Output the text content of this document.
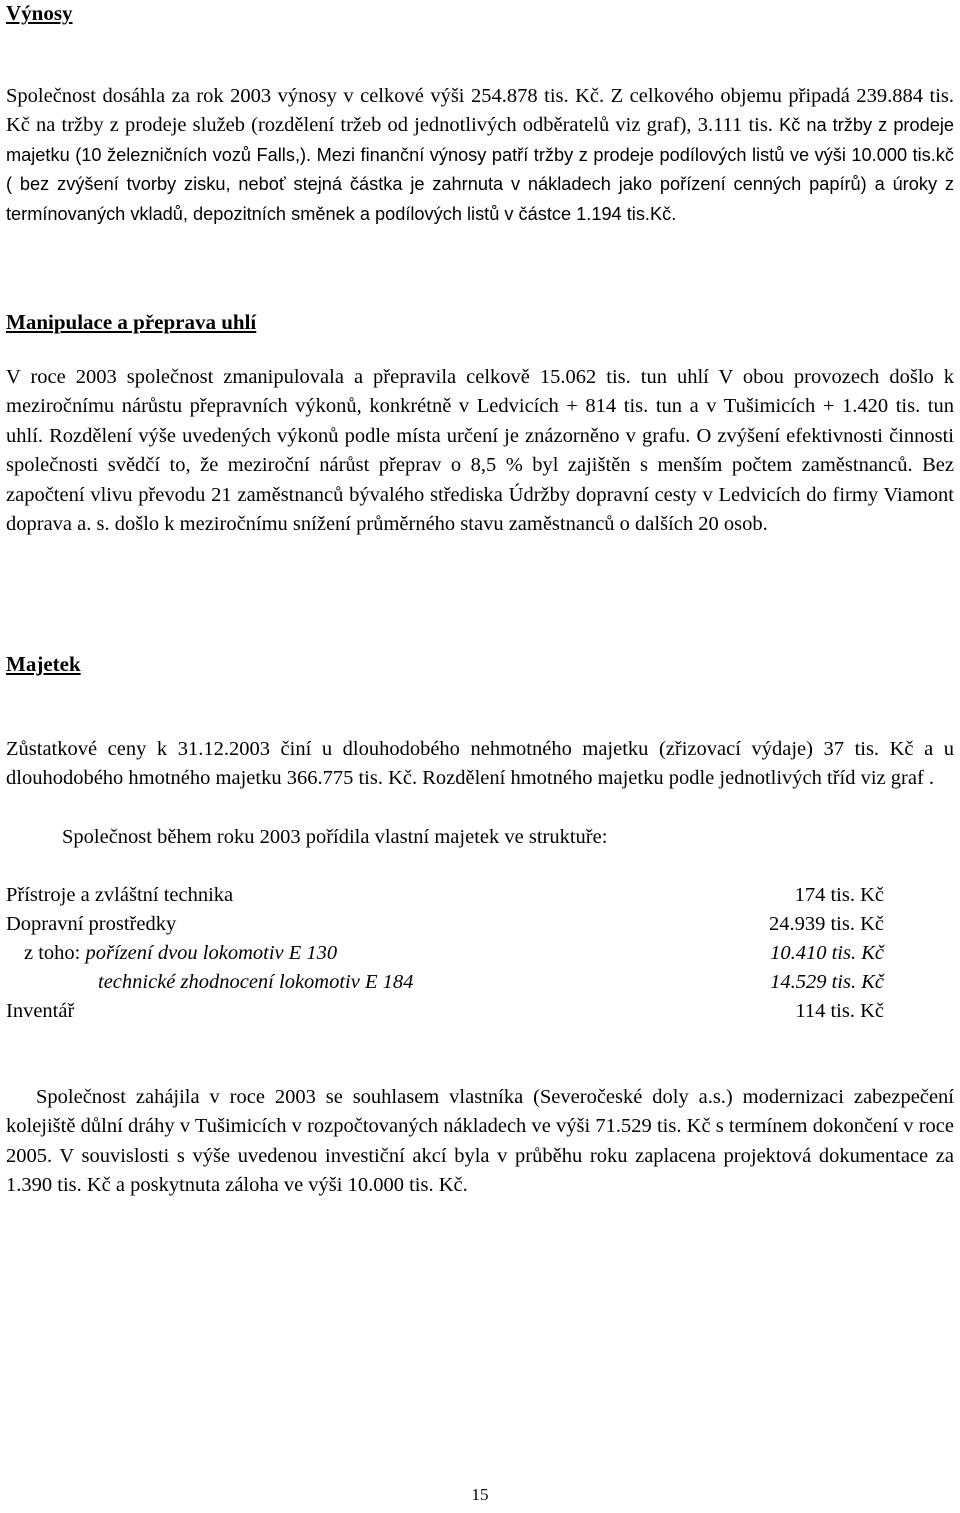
Výnosy

Společnost dosáhla za rok 2003 výnosy v celkové výši 254.878 tis. Kč. Z celkového objemu připadá 239.884 tis. Kč na tržby z prodeje služeb (rozdělení tržeb od jednotlivých odběratelů viz graf), 3.111 tis. Kč na tržby z prodeje majetku (10 železničních vozů Falls,). Mezi finanční výnosy patří tržby z prodeje podílových listů ve výši 10.000 tis.kč ( bez zvýšení tvorby zisku, neboť stejná částka je zahrnuta v nákladech jako pořízení cenných papírů) a úroky z termínovaných vkladů, depozitních směnek a podílových listů v částce 1.194 tis.Kč.

Manipulace a přeprava uhlí

V roce 2003 společnost zmanipulovala a přepravila celkově 15.062 tis. tun uhlí V obou provozech došlo k meziročnímu nárůstu přepravních výkonů, konkrétně v Ledvicích + 814 tis. tun a v Tušimicích + 1.420 tis. tun uhlí. Rozdělení výše uvedených výkonů podle místa určení je znázorněno v grafu. O zvýšení efektivnosti činnosti společnosti svědčí to, že meziroční nárůst přeprav o 8,5 % byl zajištěn s menším počtem zaměstnanců. Bez započtení vlivu převodu 21 zaměstnanců bývalého střediska Údržby dopravní cesty v Ledvicích do firmy Viamont doprava a. s. došlo k meziročnímu snížení průměrného stavu zaměstnanců o dalších 20 osob.

Majetek

Zůstatkové ceny k 31.12.2003 činí u dlouhodobého nehmotného majetku (zřizovací výdaje) 37 tis. Kč a u dlouhodobého hmotného majetku 366.775 tis. Kč. Rozdělení hmotného majetku podle jednotlivých tříd viz graf .

Společnost během roku 2003 pořídila vlastní majetek ve struktuře:

Přístroje a zvláštní technika	174 tis. Kč
Dopravní prostředky	24.939 tis. Kč
z toho: pořízení dvou lokomotiv E 130	10.410 tis. Kč
technické zhodnocení lokomotiv E 184	14.529 tis. Kč
Inventář	114 tis. Kč

Společnost zahájila v roce 2003 se souhlasem vlastníka (Severočeské doly a.s.) modernizaci zabezpečení kolejiště důlní dráhy v Tušimicích v rozpočtovaných nákladech ve výši 71.529 tis. Kč s termínem dokončení v roce 2005. V souvislosti s výše uvedenou investiční akcí byla v průběhu roku zaplacena projektová dokumentace za 1.390 tis. Kč a poskytnuta záloha ve výši 10.000 tis. Kč.

15
